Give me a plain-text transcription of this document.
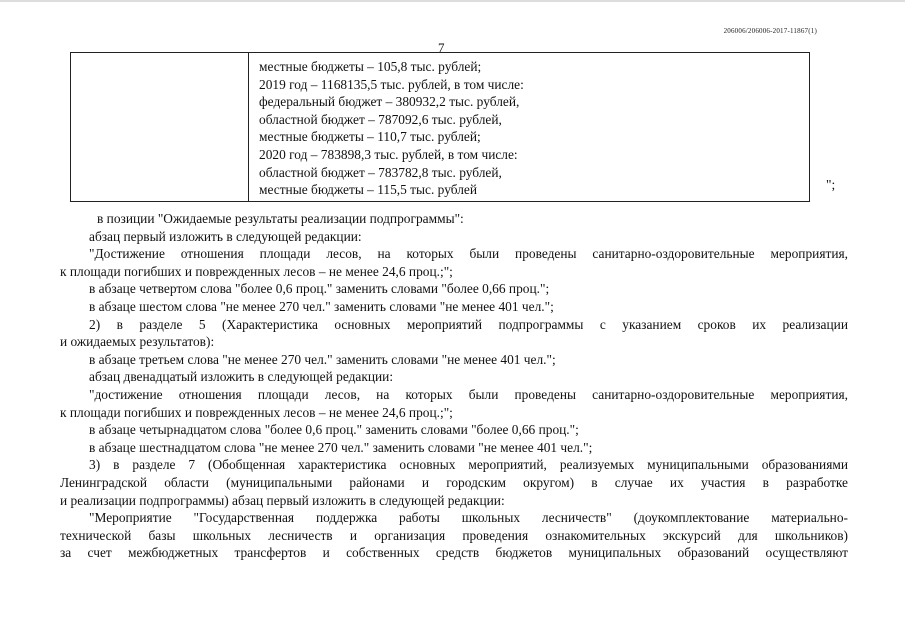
206006/206006-2017-11867(1)
7
местные бюджеты – 105,8 тыс. рублей;
2019 год – 1168135,5 тыс. рублей, в том числе:
федеральный бюджет – 380932,2 тыс. рублей,
областной бюджет – 787092,6 тыс. рублей,
местные бюджеты – 110,7 тыс. рублей;
2020 год – 783898,3 тыс. рублей, в том числе:
областной бюджет – 783782,8 тыс. рублей,
местные бюджеты – 115,5 тыс. рублей	";

в позиции "Ожидаемые результаты реализации подпрограммы":

абзац первый изложить в следующей редакции:

"Достижение отношения площади лесов, на которых были проведены санитарно-оздоровительные мероприятия,

к площади погибших и поврежденных лесов – не менее 24,6 проц.;";

в абзаце четвертом слова "более 0,6 проц." заменить словами "более 0,66 проц.";

в абзаце шестом слова "не менее 270 чел." заменить словами "не менее 401 чел.";

2) в разделе 5 (Характеристика основных мероприятий подпрограммы с указанием сроков их реализации

и ожидаемых результатов):

в абзаце третьем слова "не менее 270 чел." заменить словами "не менее 401 чел.";

абзац двенадцатый изложить в следующей редакции:

"достижение отношения площади лесов, на которых были проведены санитарно-оздоровительные мероприятия,

к площади погибших и поврежденных лесов – не менее 24,6 проц.;";

в абзаце четырнадцатом слова "более 0,6 проц." заменить словами "более 0,66 проц.";

в абзаце шестнадцатом слова "не менее 270 чел." заменить словами "не менее 401 чел.";

3) в разделе 7 (Обобщенная характеристика основных мероприятий, реализуемых муниципальными образованиями

Ленинградской области (муниципальными районами и городским округом) в случае их участия в разработке

и реализации подпрограммы) абзац первый изложить в следующей редакции:

"Мероприятие "Государственная поддержка работы школьных лесничеств" (доукомплектование материально-

технической базы школьных лесничеств и организация проведения ознакомительных экскурсий для школьников)

за счет межбюджетных трансфертов и собственных средств бюджетов муниципальных образований осуществляют
